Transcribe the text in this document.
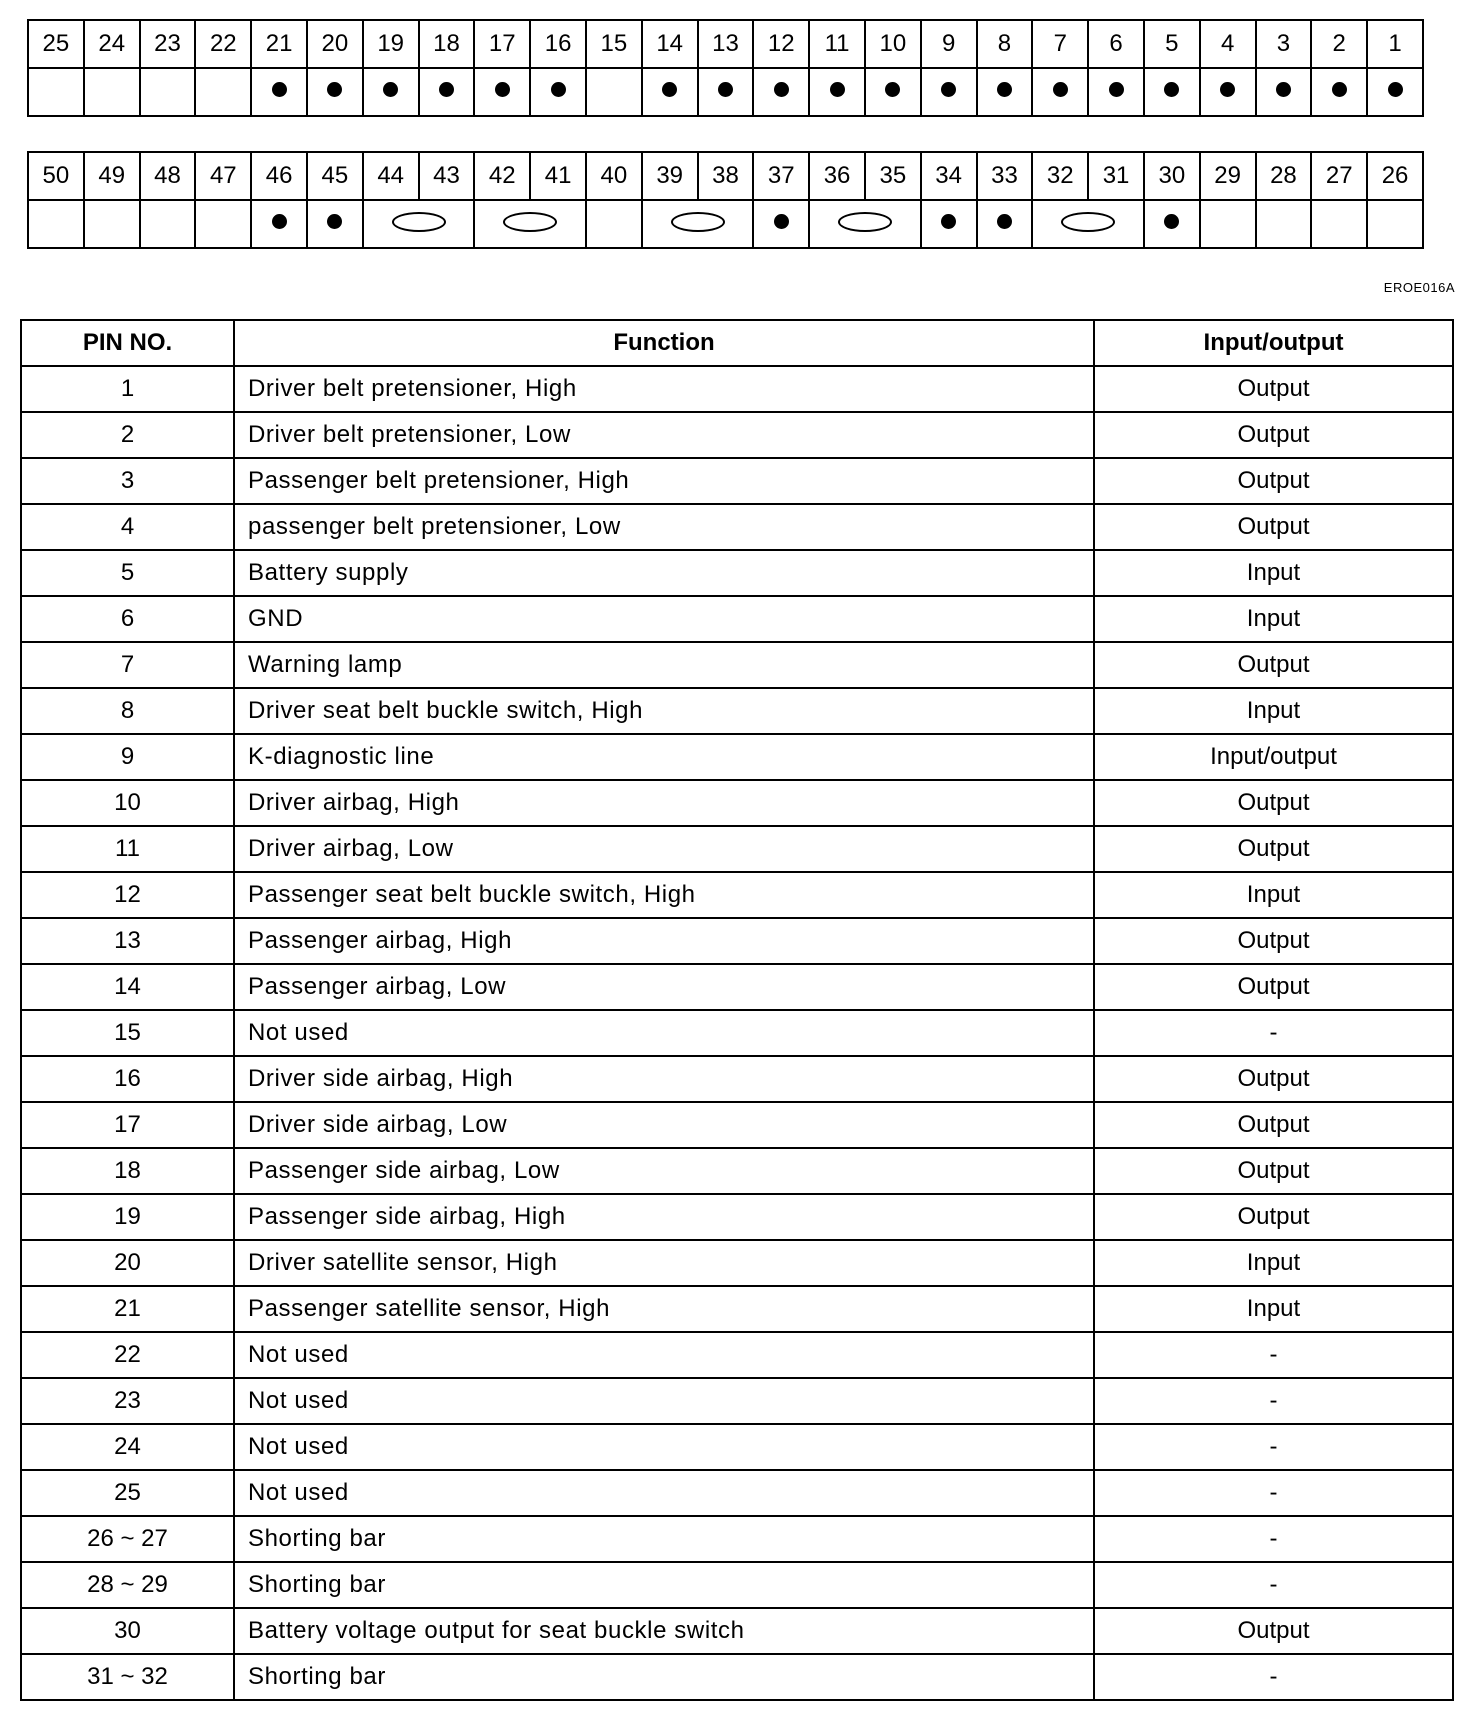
25	24	23	22	21	20	19	18	17	16	15	14	13	12	11	10	9	8	7	6	5	4	3	2	1

50	49	48	47	46	45	44	43	42	41	40	39	38	37	36	35	34	33	32	31	30	29	28	27	26

EROE016A
PIN NO.	Function	Input/output
1	Driver belt pretensioner, High	Output
2	Driver belt pretensioner, Low	Output
3	Passenger belt pretensioner, High	Output
4	passenger belt pretensioner, Low	Output
5	Battery supply	Input
6	GND	Input
7	Warning lamp	Output
8	Driver seat belt buckle switch, High	Input
9	K-diagnostic line	Input/output
10	Driver airbag, High	Output
11	Driver airbag, Low	Output
12	Passenger seat belt buckle switch, High	Input
13	Passenger airbag, High	Output
14	Passenger airbag, Low	Output
15	Not used	-
16	Driver side airbag, High	Output
17	Driver side airbag, Low	Output
18	Passenger side airbag, Low	Output
19	Passenger side airbag, High	Output
20	Driver satellite sensor, High	Input
21	Passenger satellite sensor, High	Input
22	Not used	-
23	Not used	-
24	Not used	-
25	Not used	-
26 ~ 27	Shorting bar	-
28 ~ 29	Shorting bar	-
30	Battery voltage output for seat buckle switch	Output
31 ~ 32	Shorting bar	-
